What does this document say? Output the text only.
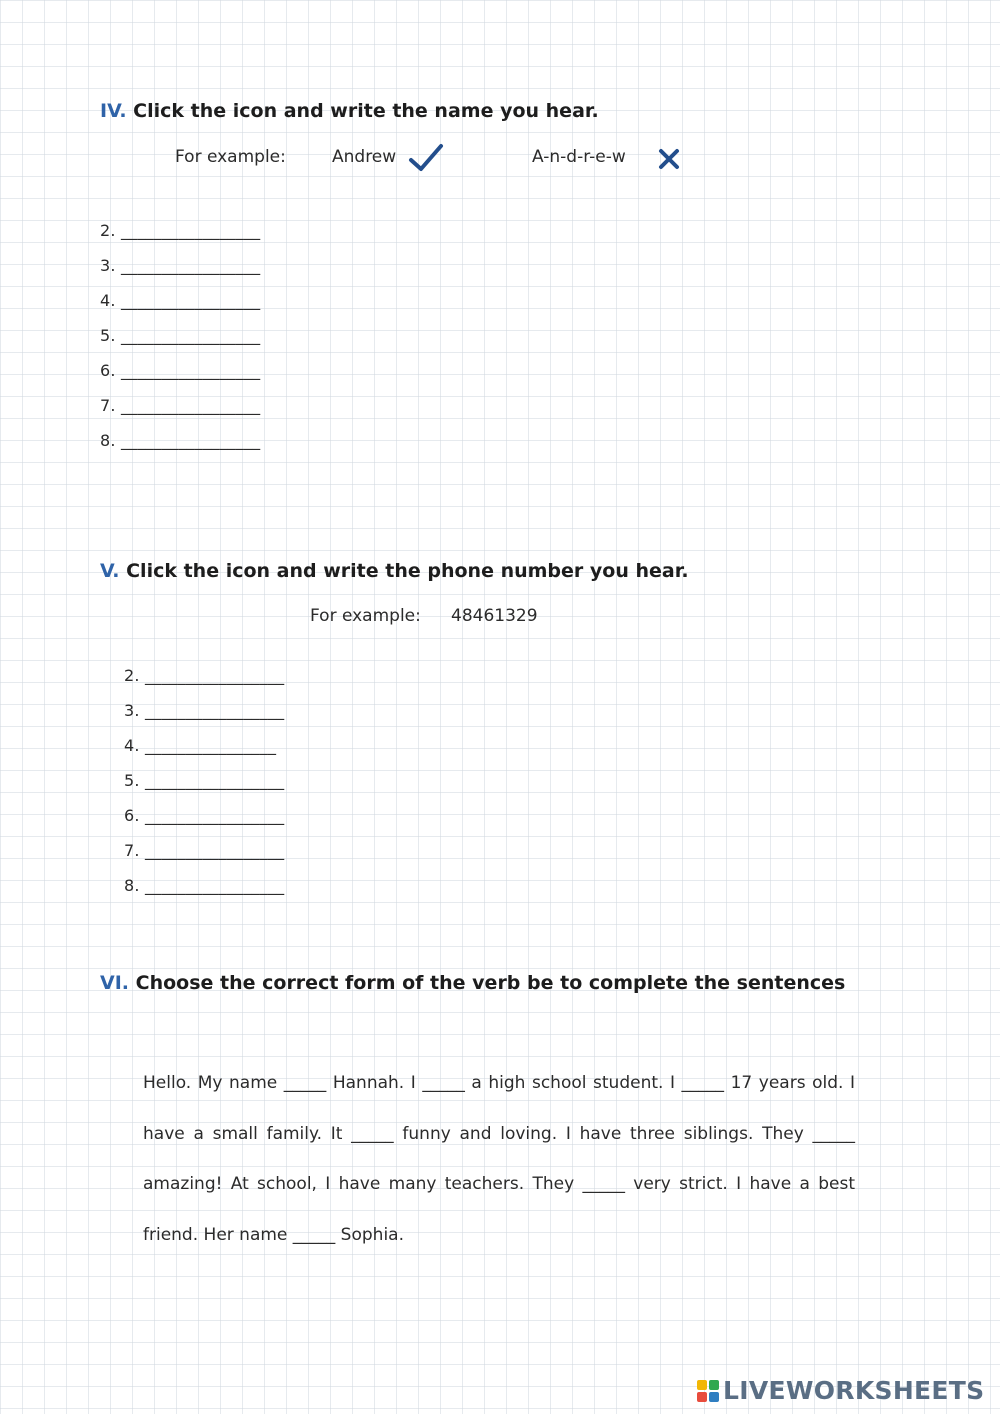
IV. Click the icon and write the name you hear.
For example:	Andrew	A-n-d-r-e-w
2. _________________
3. _________________
4. _________________
5. _________________
6. _________________
7. _________________
8. _________________
V. Click the icon and write the phone number you hear.
For example: 48461329
2. _________________
3. _________________
4. ________________
5. _________________
6. _________________
7. _________________
8. _________________
VI. Choose the correct form of the verb be to complete the sentences
Hello. My name _____ Hannah. I _____ a high school student. I _____ 17 years old. I have a small family. It _____ funny and loving. I have three siblings. They _____ amazing! At school, I have many teachers. They _____ very strict. I have a best friend. Her name _____ Sophia.
LIVEWORKSHEETS
